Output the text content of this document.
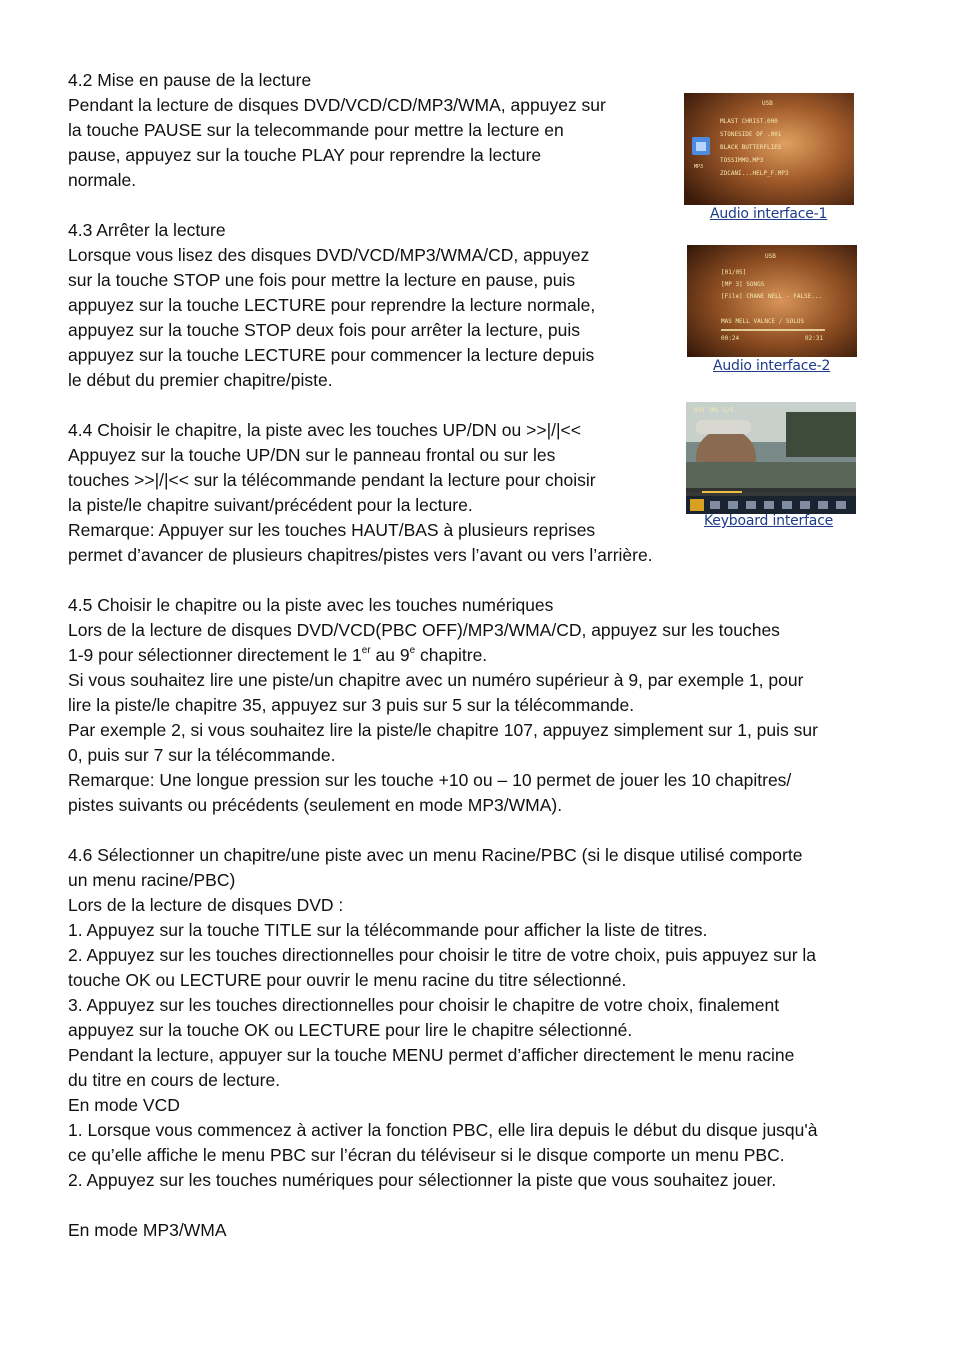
4.2 Mise en pause de la lecture
Pendant la lecture de disques DVD/VCD/CD/MP3/WMA, appuyez sur
la touche PAUSE sur la telecommande pour mettre la lecture en
pause, appuyez sur la touche PLAY pour reprendre la lecture
normale.
4.3 Arrêter la lecture
Lorsque vous lisez des disques DVD/VCD/MP3/WMA/CD, appuyez
sur la touche STOP une fois pour mettre la lecture en pause, puis
appuyez sur la touche LECTURE pour reprendre la lecture normale,
appuyez sur la touche STOP deux fois pour arrêter la lecture, puis
appuyez sur la touche LECTURE pour commencer la lecture depuis
le début du premier chapitre/piste.
4.4 Choisir le chapitre, la piste avec les touches UP/DN ou >>|/|<<
Appuyez sur la touche UP/DN sur le panneau frontal ou sur les
touches >>|/|<< sur la télécommande pendant la lecture pour choisir
la piste/le chapitre suivant/précédent pour la lecture.
Remarque: Appuyer sur les touches HAUT/BAS à plusieurs reprises
permet d’avancer de plusieurs chapitres/pistes vers l’avant ou vers l’arrière.
4.5 Choisir le chapitre ou la piste avec les touches numériques
Lors de la lecture de disques DVD/VCD(PBC OFF)/MP3/WMA/CD, appuyez sur les touches
1-9 pour sélectionner directement le 1er au 9e chapitre.
Si vous souhaitez lire une piste/un chapitre avec un numéro supérieur à 9, par exemple 1, pour
lire la piste/le chapitre 35, appuyez sur 3 puis sur 5 sur la télécommande.
Par exemple 2, si vous souhaitez lire la piste/le chapitre 107, appuyez simplement sur 1, puis sur
0, puis sur 7 sur la télécommande.
Remarque: Une longue pression sur les touche +10 ou – 10 permet de jouer les 10 chapitres/
pistes suivants ou précédents (seulement en mode MP3/WMA).
4.6 Sélectionner un chapitre/une piste avec un menu Racine/PBC (si le disque utilisé comporte
un menu racine/PBC)
Lors de la lecture de disques DVD :
1. Appuyez sur la touche TITLE sur la télécommande pour afficher la liste de titres.
2. Appuyez sur les touches directionnelles pour choisir le titre de votre choix, puis appuyez sur la
touche OK ou LECTURE pour ouvrir le menu racine du titre sélectionné.
3. Appuyez sur les touches directionnelles pour choisir le chapitre de votre choix, finalement
appuyez sur la touche OK ou LECTURE pour lire le chapitre sélectionné.
Pendant la lecture, appuyer sur la touche MENU permet d’afficher directement le menu racine
du titre en cours de lecture.
En mode VCD
1. Lorsque vous commencez à activer la fonction PBC, elle lira depuis le début du disque jusqu'à
ce qu’elle affiche le menu PBC sur l’écran du téléviseur si le disque comporte un menu PBC.
2. Appuyez sur les touches numériques pour sélectionner la piste que vous souhaitez jouer.
En mode MP3/WMA
USB
MP3
MLAST CHRIST.000
STONESIDE OF .001
BLACK BUTTERFLIES
TOSSIMMO.MP3
ZOCANI...HELP_F.MP3
Audio interface-1
USB
[01/05]
[MP 3] SONGS
[File] CRANE NELL - FALSE...
MAS MELL VALNCE / SOLOS
00:24	02:31
Audio interface-2
AVI 1RL 1/5
Keyboard interface
